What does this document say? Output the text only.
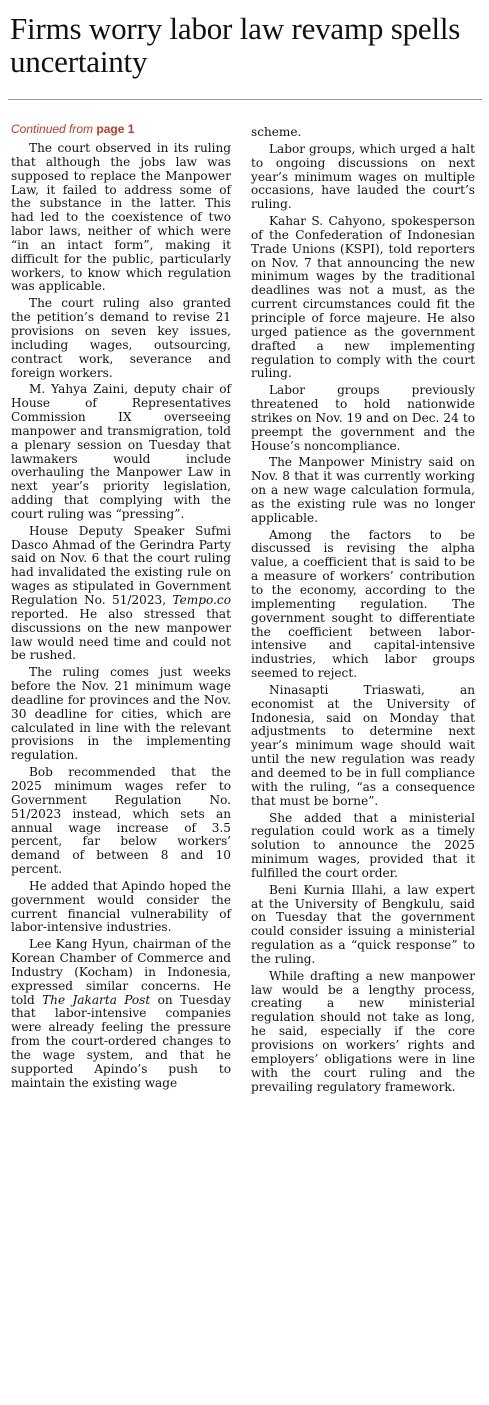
Firms worry labor law revamp spells uncertainty

Continued from page 1

The court observed in its ruling that although the jobs law was supposed to replace the Manpower Law, it failed to address some of the substance in the latter. This had led to the coexistence of two labor laws, neither of which were “in an intact form”, making it difficult for the public, particularly workers, to know which regulation was applicable.

The court ruling also granted the petition’s demand to revise 21 provisions on seven key issues, including wages, outsourcing, contract work, severance and foreign workers.

M. Yahya Zaini, deputy chair of House of Representatives Commission IX overseeing manpower and transmigration, told a plenary session on Tuesday that lawmakers would include overhauling the Manpower Law in next year’s priority legislation, adding that complying with the court ruling was “pressing”.

House Deputy Speaker Sufmi Dasco Ahmad of the Gerindra Party said on Nov. 6 that the court ruling had invalidated the existing rule on wages as stipulated in Government Regulation No. 51/2023, Tempo.co reported. He also stressed that discussions on the new manpower law would need time and could not be rushed.

The ruling comes just weeks before the Nov. 21 minimum wage deadline for provinces and the Nov. 30 deadline for cities, which are calculated in line with the relevant provisions in the implementing regulation.

Bob recommended that the 2025 minimum wages refer to Government Regulation No. 51/2023 instead, which sets an annual wage increase of 3.5 percent, far below workers’ demand of between 8 and 10 percent.

He added that Apindo hoped the government would consider the current financial vulnerability of labor-intensive industries.

Lee Kang Hyun, chairman of the Korean Chamber of Commerce and Industry (Kocham) in Indonesia, expressed similar concerns. He told The Jakarta Post on Tuesday that labor-intensive companies were already feeling the pressure from the court-ordered changes to the wage system, and that he supported Apindo’s push to maintain the existing wage

scheme.

Labor groups, which urged a halt to ongoing discussions on next year’s minimum wages on multiple occasions, have lauded the court’s ruling.

Kahar S. Cahyono, spokesperson of the Confederation of Indonesian Trade Unions (KSPI), told reporters on Nov. 7 that announcing the new minimum wages by the traditional deadlines was not a must, as the current circumstances could fit the principle of force majeure. He also urged patience as the government drafted a new implementing regulation to comply with the court ruling.

Labor groups previously threatened to hold nationwide strikes on Nov. 19 and on Dec. 24 to preempt the government and the House’s noncompliance.

The Manpower Ministry said on Nov. 8 that it was currently working on a new wage calculation formula, as the existing rule was no longer applicable.

Among the factors to be discussed is revising the alpha value, a coefficient that is said to be a measure of workers’ contribution to the economy, according to the implementing regulation. The government sought to differentiate the coefficient between labor-intensive and capital-intensive industries, which labor groups seemed to reject.

Ninasapti Triaswati, an economist at the University of Indonesia, said on Monday that adjustments to determine next year’s minimum wage should wait until the new regulation was ready and deemed to be in full compliance with the ruling, “as a consequence that must be borne”.

She added that a ministerial regulation could work as a timely solution to announce the 2025 minimum wages, provided that it fulfilled the court order.

Beni Kurnia Illahi, a law expert at the University of Bengkulu, said on Tuesday that the government could consider issuing a ministerial regulation as a “quick response” to the ruling.

While drafting a new manpower law would be a lengthy process, creating a new ministerial regulation should not take as long, he said, especially if the core provisions on workers’ rights and employers’ obligations were in line with the court ruling and the prevailing regulatory framework.
